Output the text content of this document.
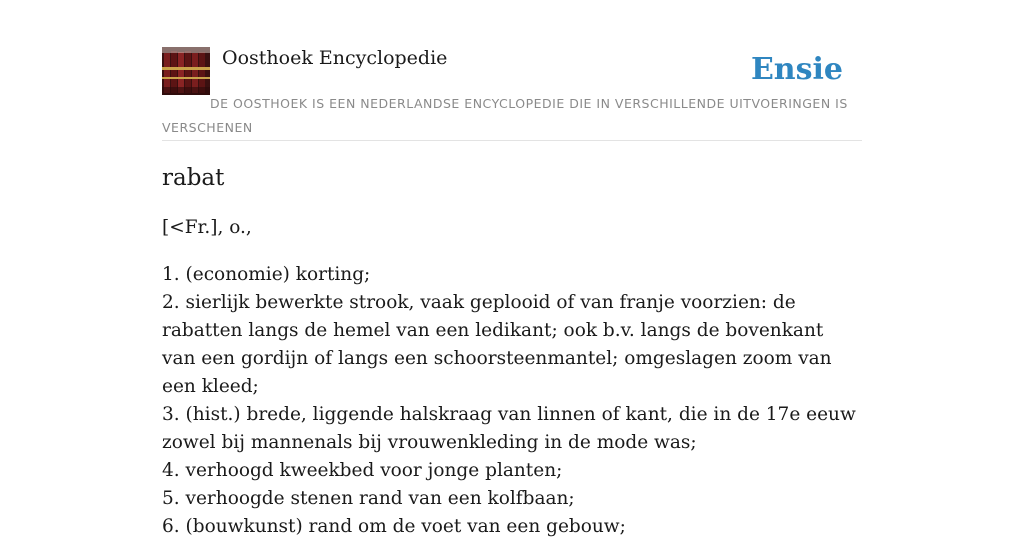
Oosthoek Encyclopedie	Ensie
DE OOSTHOEK IS EEN NEDERLANDSE ENCYCLOPEDIE DIE IN VERSCHILLENDE UITVOERINGEN IS VERSCHENEN
rabat
[<Fr.], o.,
1. (economie) korting;
2. sierlijk bewerkte strook, vaak geplooid of van franje voorzien: de rabatten langs de hemel van een ledikant; ook b.v. langs de bovenkant van een gordijn of langs een schoorsteenmantel; omgeslagen zoom van een kleed;
3. (hist.) brede, liggende halskraag van linnen of kant, die in de 17e eeuw zowel bij mannenals bij vrouwenkleding in de mode was;
4. verhoogd kweekbed voor jonge planten;
5. verhoogde stenen rand van een kolfbaan;
6. (bouwkunst) rand om de voet van een gebouw;
